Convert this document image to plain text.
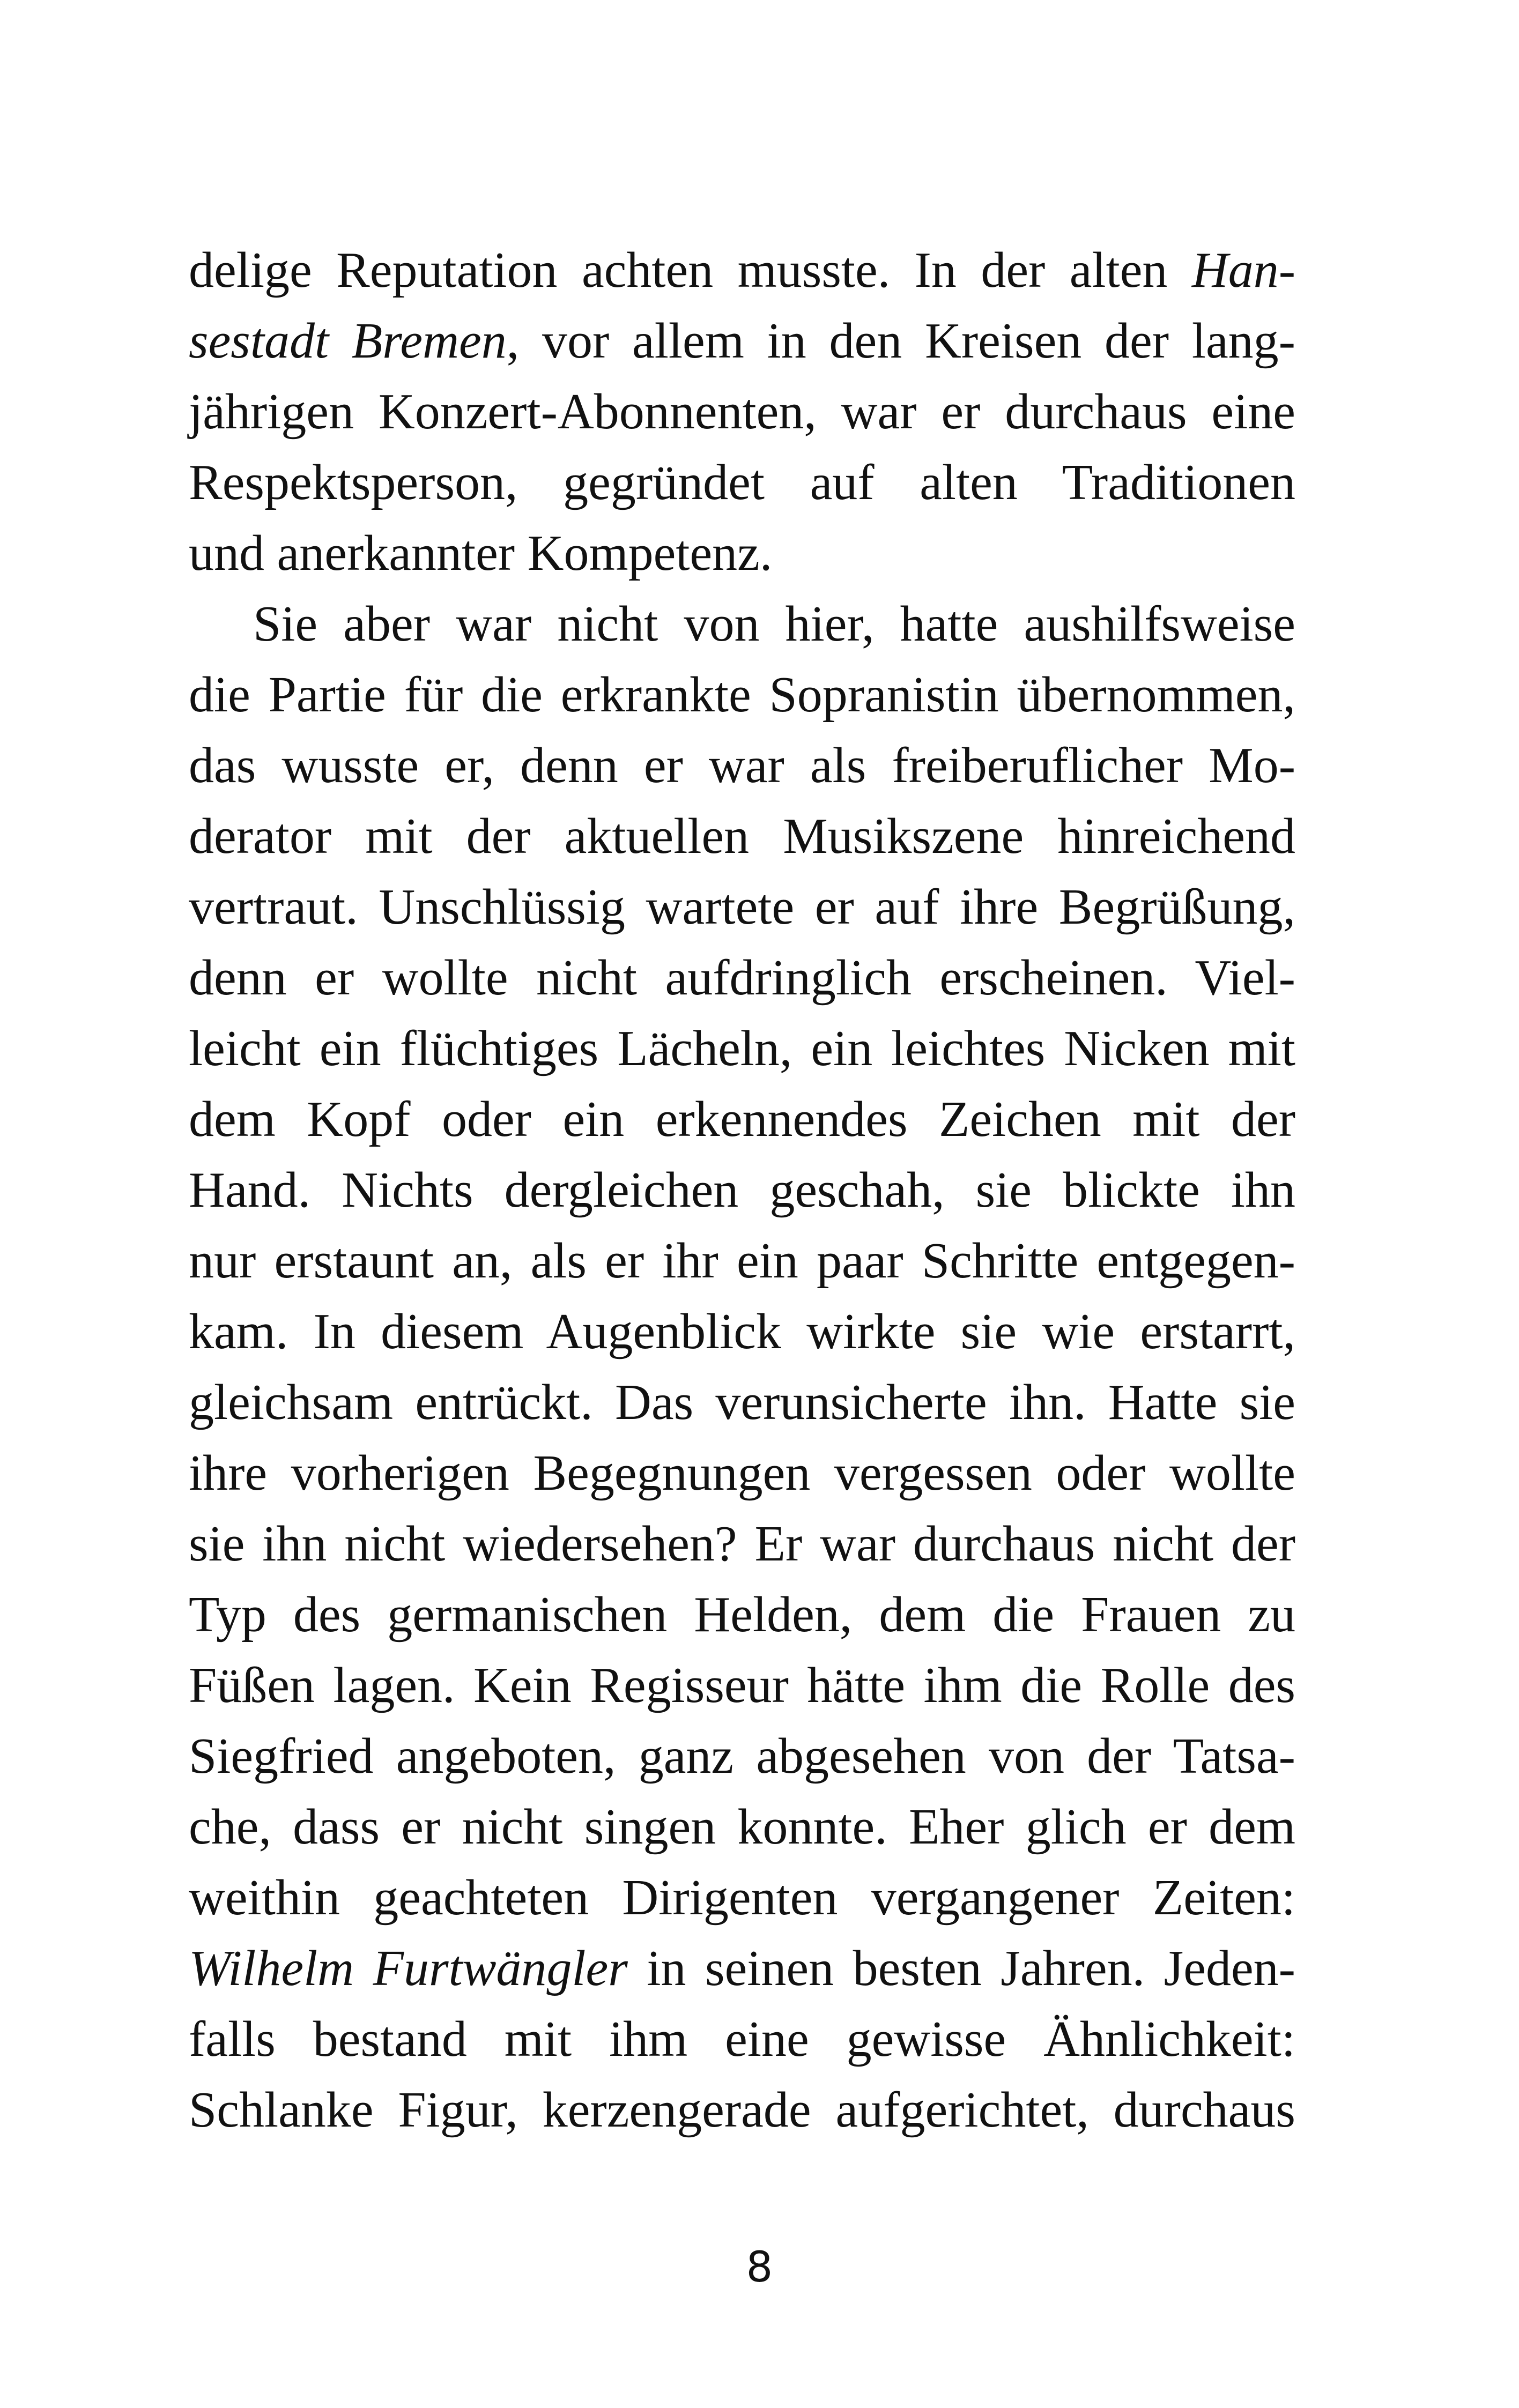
delige Reputation achten musste. In der alten Han-
sestadt Bremen, vor allem in den Kreisen der lang-
jährigen Konzert-Abonnenten, war er durchaus eine
Respektsperson, gegründet auf alten Traditionen
und anerkannter Kompetenz.
Sie aber war nicht von hier, hatte aushilfsweise
die Partie für die erkrankte Sopranistin übernommen,
das wusste er, denn er war als freiberuflicher Mo-
derator mit der aktuellen Musikszene hinreichend
vertraut. Unschlüssig wartete er auf ihre Begrüßung,
denn er wollte nicht aufdringlich erscheinen. Viel-
leicht ein flüchtiges Lächeln, ein leichtes Nicken mit
dem Kopf oder ein erkennendes Zeichen mit der
Hand. Nichts dergleichen geschah, sie blickte ihn
nur erstaunt an, als er ihr ein paar Schritte entgegen-
kam. In diesem Augenblick wirkte sie wie erstarrt,
gleichsam entrückt. Das verunsicherte ihn. Hatte sie
ihre vorherigen Begegnungen vergessen oder wollte
sie ihn nicht wiedersehen? Er war durchaus nicht der
Typ des germanischen Helden, dem die Frauen zu
Füßen lagen. Kein Regisseur hätte ihm die Rolle des
Siegfried angeboten, ganz abgesehen von der Tatsa-
che, dass er nicht singen konnte. Eher glich er dem
weithin geachteten Dirigenten vergangener Zeiten:
Wilhelm Furtwängler in seinen besten Jahren. Jeden-
falls bestand mit ihm eine gewisse Ähnlichkeit:
Schlanke Figur, kerzengerade aufgerichtet, durchaus
8
